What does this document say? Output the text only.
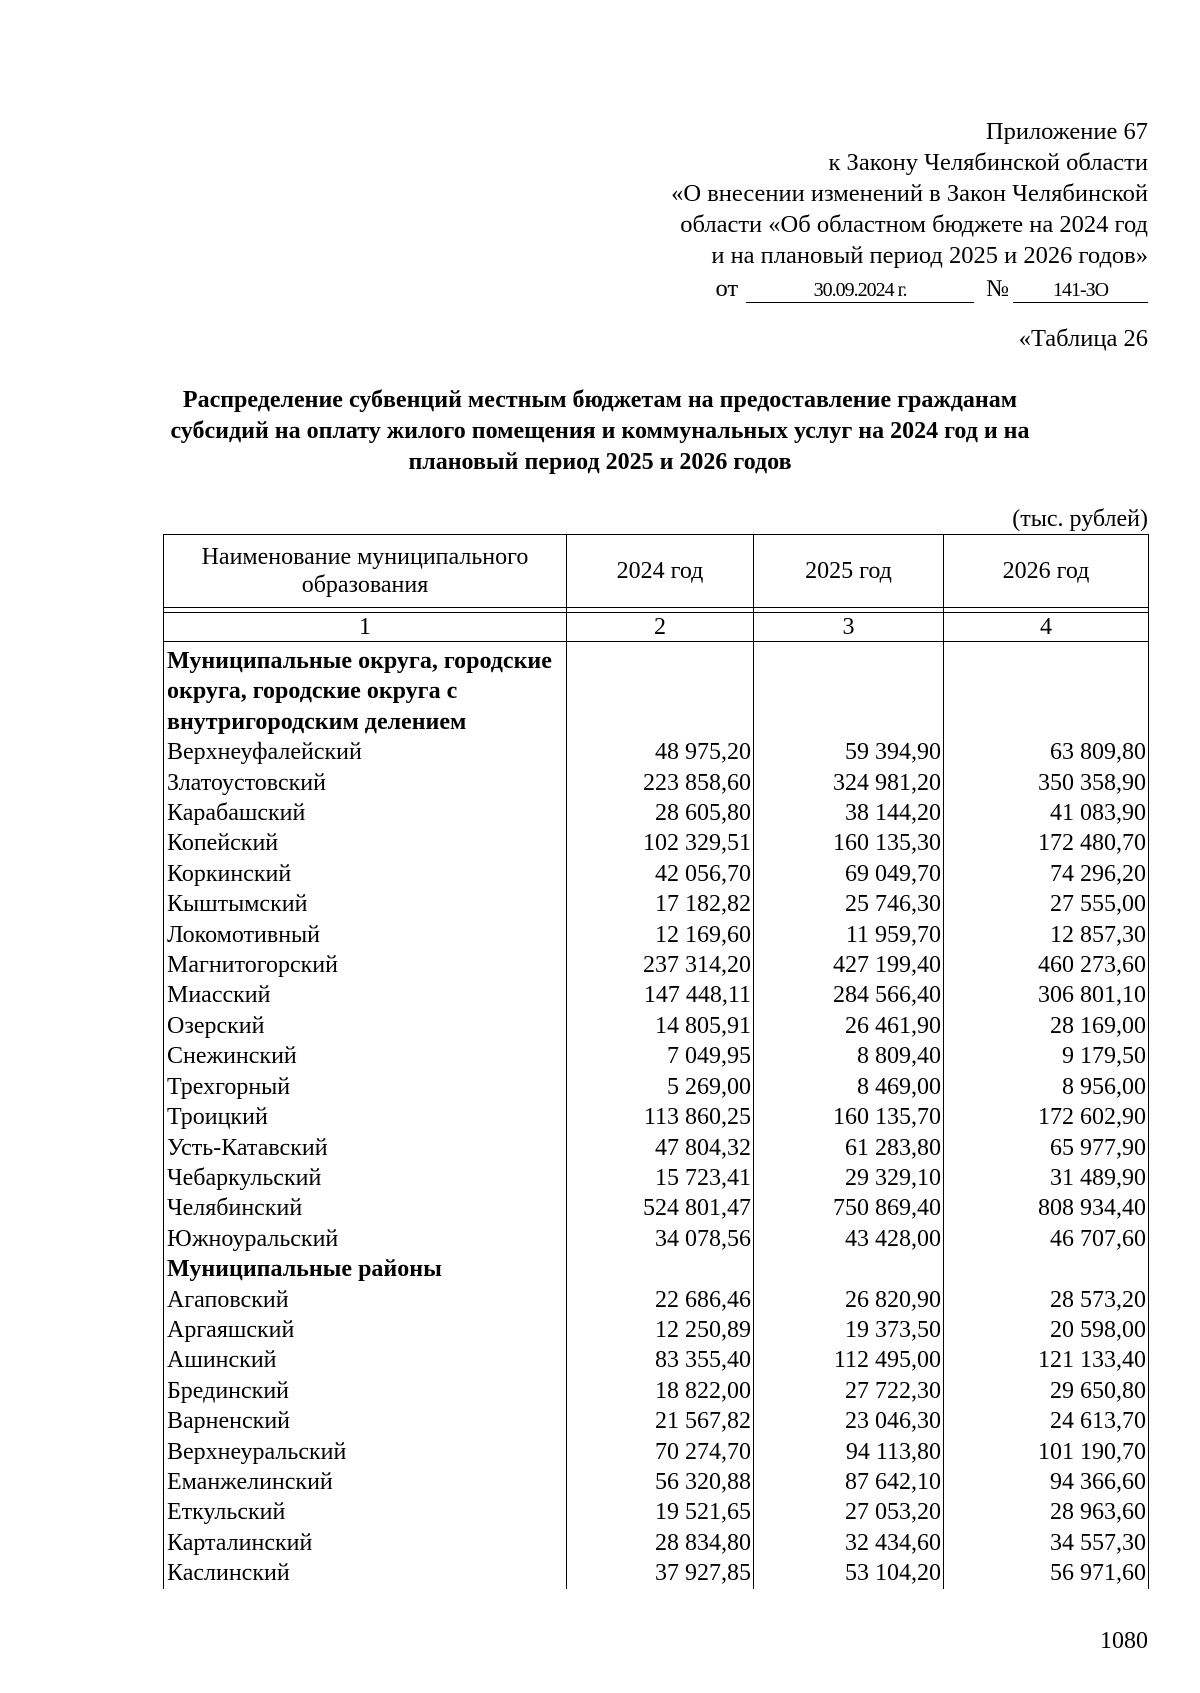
Приложение 67
к Закону Челябинской области
«О внесении изменений в Закон Челябинской
области «Об областном бюджете на 2024 год
и на плановый период 2025 и 2026 годов»
от	30.09.2024 г.	№ 141-ЗО
«Таблица 26
Распределение субвенций местным бюджетам на предоставление гражданам субсидий на оплату жилого помещения и коммунальных услуг на 2024 год и на плановый период 2025 и 2026 годов
(тыс. рублей)
Наименование муниципального образования	2024 год	2025 год	2026 год

1	2	3	4
Муниципальные округа, городские округа, городские округа с внутригородским делением			
Верхнеуфалейский	48 975,20	59 394,90	63 809,80
Златоустовский	223 858,60	324 981,20	350 358,90
Карабашский	28 605,80	38 144,20	41 083,90
Копейский	102 329,51	160 135,30	172 480,70
Коркинский	42 056,70	69 049,70	74 296,20
Кыштымский	17 182,82	25 746,30	27 555,00
Локомотивный	12 169,60	11 959,70	12 857,30
Магнитогорский	237 314,20	427 199,40	460 273,60
Миасский	147 448,11	284 566,40	306 801,10
Озерский	14 805,91	26 461,90	28 169,00
Снежинский	7 049,95	8 809,40	9 179,50
Трехгорный	5 269,00	8 469,00	8 956,00
Троицкий	113 860,25	160 135,70	172 602,90
Усть-Катавский	47 804,32	61 283,80	65 977,90
Чебаркульский	15 723,41	29 329,10	31 489,90
Челябинский	524 801,47	750 869,40	808 934,40
Южноуральский	34 078,56	43 428,00	46 707,60
Муниципальные районы			
Агаповский	22 686,46	26 820,90	28 573,20
Аргаяшский	12 250,89	19 373,50	20 598,00
Ашинский	83 355,40	112 495,00	121 133,40
Брединский	18 822,00	27 722,30	29 650,80
Варненский	21 567,82	23 046,30	24 613,70
Верхнеуральский	70 274,70	94 113,80	101 190,70
Еманжелинский	56 320,88	87 642,10	94 366,60
Еткульский	19 521,65	27 053,20	28 963,60
Карталинский	28 834,80	32 434,60	34 557,30
Каслинский	37 927,85	53 104,20	56 971,60
1080
